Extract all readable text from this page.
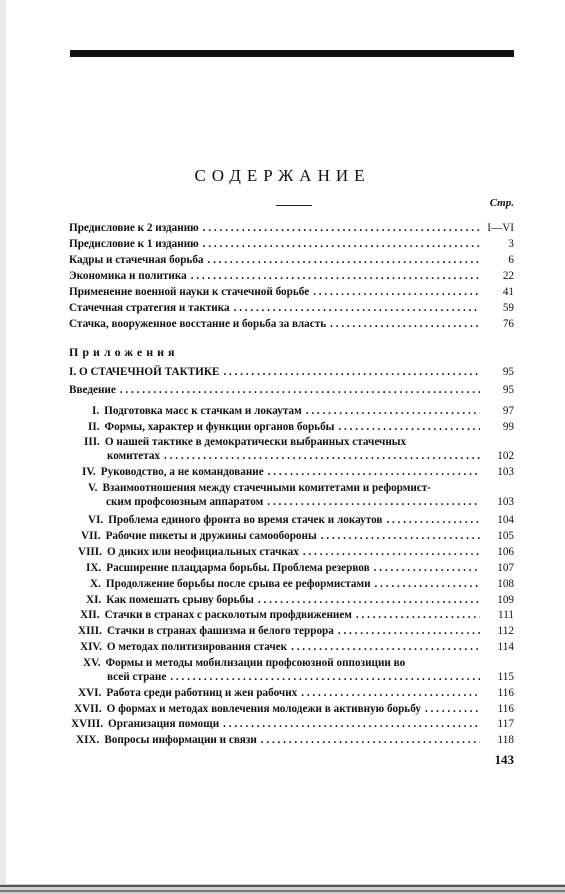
СОДЕРЖАНИЕ
Стр.
Предисловие к 2 изданию . . .	I—VI
Предисловие к 1 изданию . . .	3
Кадры и стачечная борьба . . .	6
Экономика и политика . . .	22
Применение военной науки к стачечной борьбе . . .	41
Стачечная стратегия и тактика . . .	59
Стачка, вооруженное восстание и борьба за власть . . .	76
Приложения
I. О СТАЧЕЧНОЙ ТАКТИКЕ . . .	95
Введение . . .	95
I. Подготовка масс к стачкам и локаутам . . .	97
II. Формы, характер и функции органов борьбы . . .	99
III. О нашей тактике в демократически выбранных стачечных
комитетах . . .	102
IV. Руководство, а не командование . . .	103
V. Взаимоотношения между стачечными комитетами и реформист-
ским профсоюзным аппаратом . . .	103
VI. Проблема единого фронта во время стачек и локаутов . . .	104
VII. Рабочие пикеты и дружины самообороны . . .	105
VIII. О диких или неофициальных стачках . . .	106
IX. Расширение плацдарма борьбы. Проблема резервов . . .	107
X. Продолжение борьбы после срыва ее реформистами . . .	108
XI. Как помешать срыву борьбы . . .	109
XII. Стачки в странах с расколотым профдвижением . . .	111
XIII. Стачки в странах фашизма и белого террора . . .	112
XIV. О методах политизирования стачек . . .	114
XV. Формы и методы мобилизации профсоюзной оппозиции во
всей стране . . .	115
XVI. Работа среди работниц и жен рабочих . . .	116
XVII. О формах и методах вовлечения молодежи в активную борьбу . . .	116
XVIII. Организация помощи . . .	117
XIX. Вопросы информации и связи . . .	118
143
